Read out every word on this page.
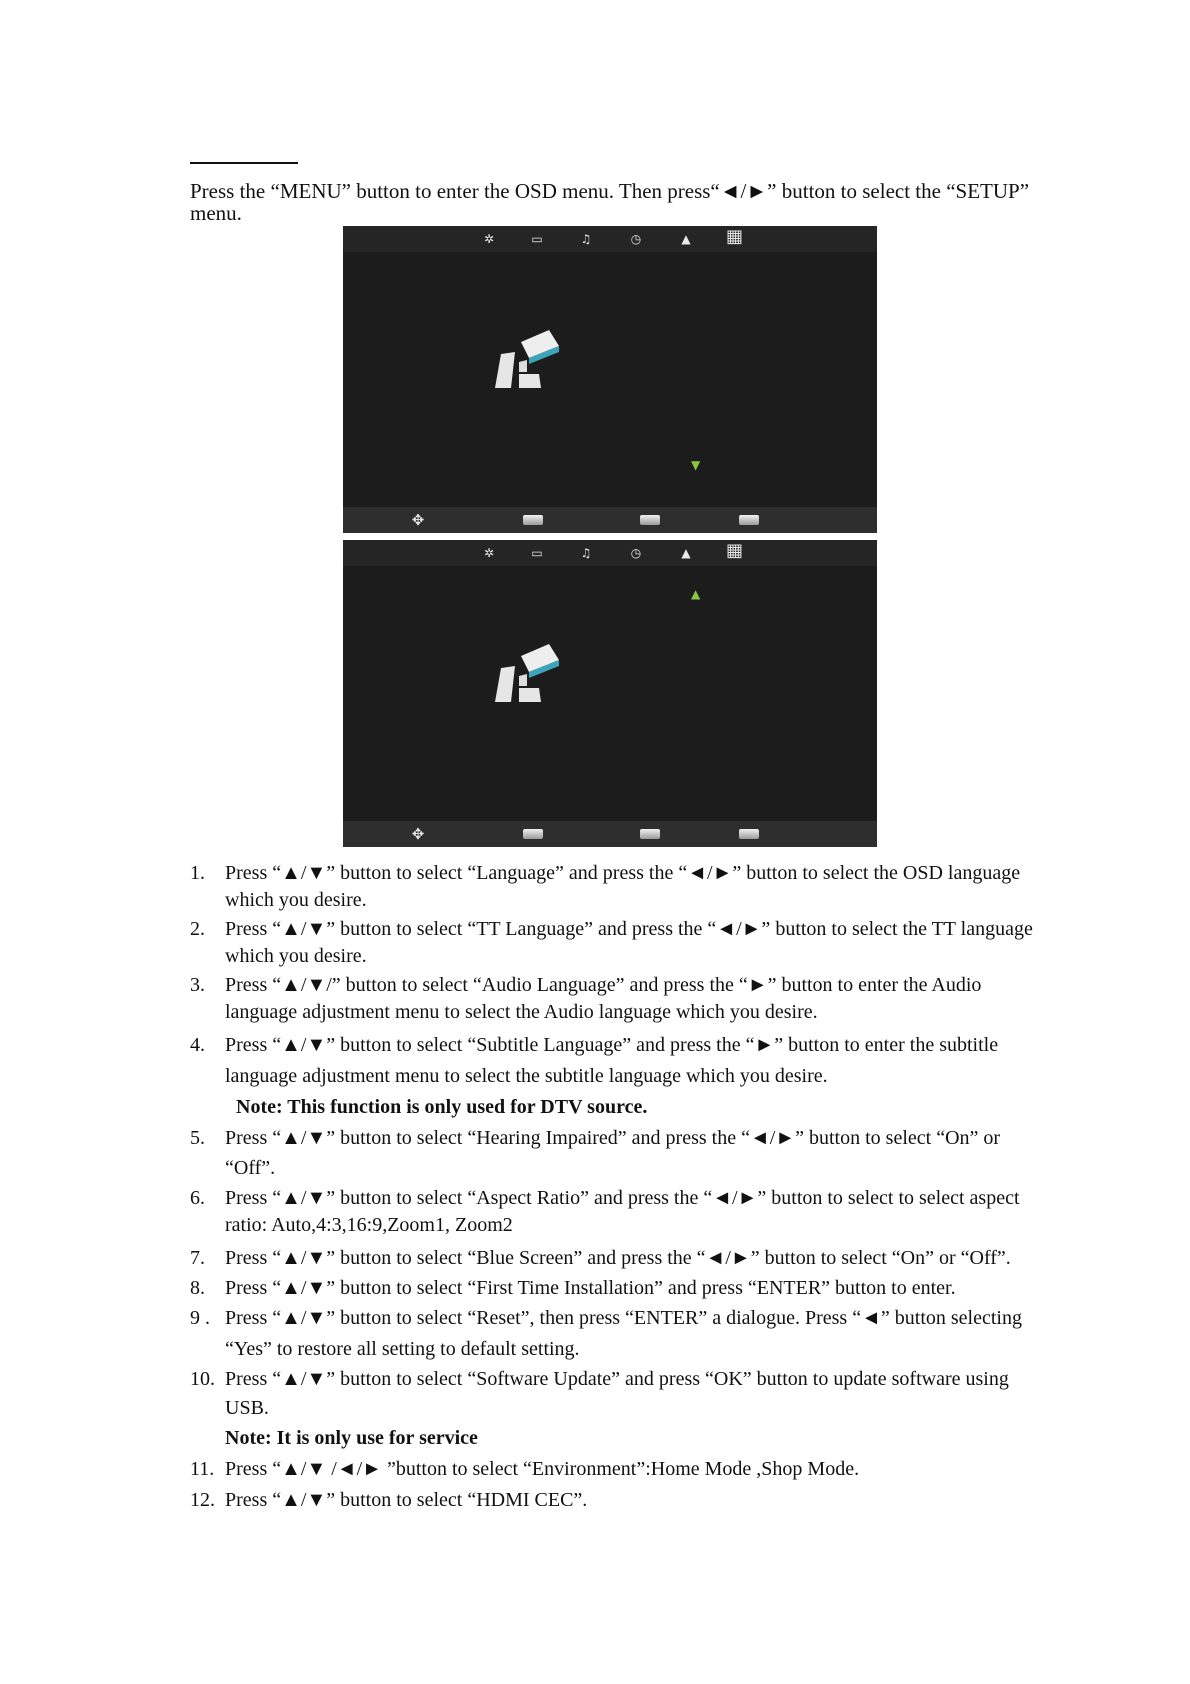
Press the “MENU” button to enter the OSD menu. Then press“◄/►” button to select the “SETUP” menu.
✲	▭	♫	◷	▲ ▦
▼
✥
✲	▭	♫	◷	▲ ▦
▲
✥
1. Press “▲/▼” button to select “Language” and press the “◄/►” button to select the OSD language which you desire.
2. Press “▲/▼” button to select “TT Language” and press the “◄/►” button to select the TT language which you desire.
3. Press “▲/▼/” button to select “Audio Language” and press the “►” button to enter the Audio language adjustment menu to select the Audio language which you desire.
4. Press “▲/▼” button to select “Subtitle Language” and press the “►” button to enter the subtitle language adjustment menu to select the subtitle language which you desire.
Note: This function is only used for DTV source.
5. Press “▲/▼” button to select “Hearing Impaired” and press the “◄/►” button to select “On” or “Off”.
6. Press “▲/▼” button to select “Aspect Ratio” and press the “◄/►” button to select to select aspect ratio: Auto,4:3,16:9,Zoom1, Zoom2
7. Press “▲/▼” button to select “Blue Screen” and press the “◄/►” button to select “On” or “Off”.
8. Press “▲/▼” button to select “First Time Installation” and press “ENTER” button to enter.
9 . Press “▲/▼” button to select “Reset”, then press “ENTER” a dialogue. Press “◄” button selecting “Yes” to restore all setting to default setting.
10. Press “▲/▼” button to select “Software Update” and press “OK” button to update software using USB.
Note: It is only use for service
11. Press “▲/▼ /◄/► ”button to select “Environment”:Home Mode ,Shop Mode.
12. Press “▲/▼” button to select “HDMI CEC”.
